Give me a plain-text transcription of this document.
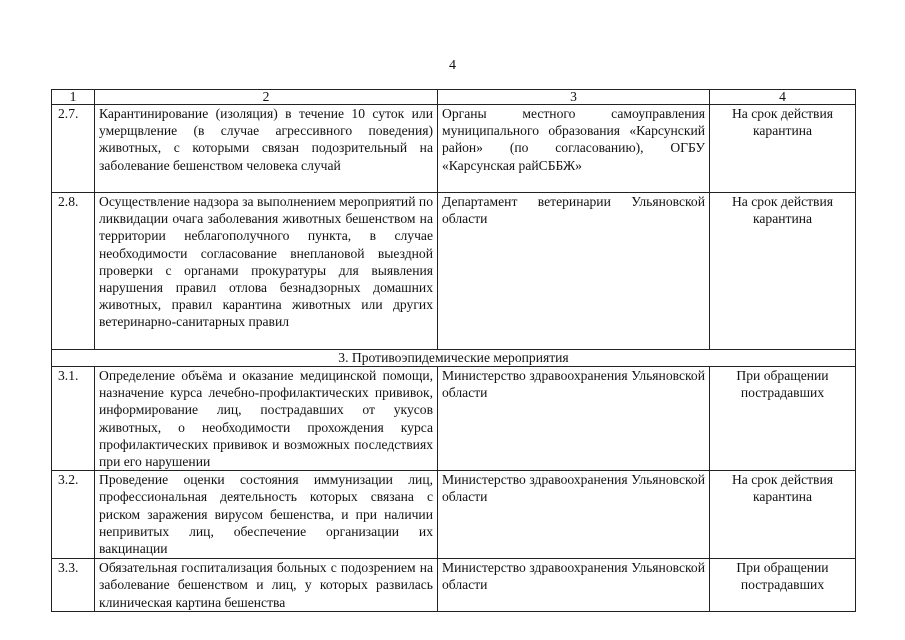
4
1	2	3	4
2.7.	Карантинирование (изоляция) в течение 10 суток или умерщвление (в случае агрессивного поведения) животных, с которыми связан подозрительный на заболевание бешенством человека случай	Органы местного самоуправления муниципального образования «Карсунский район» (по согласованию), ОГБУ «Карсунская райСББЖ»	На срок действия карантина
2.8.	Осуществление надзора за выполнением мероприятий по ликвидации очага заболевания животных бешенством на территории неблагополучного пункта, в случае необходимости согласование внеплановой выездной проверки с органами прокуратуры для выявления нарушения правил отлова безнадзорных домашних животных, правил карантина животных или других ветеринарно-санитарных правил	Департамент ветеринарии Ульяновской области	На срок действия карантина
3. Противоэпидемические мероприятия			
3.1.	Определение объёма и оказание медицинской помощи, назначение курса лечебно-профилактических прививок, информирование лиц, пострадавших от укусов животных, о необходимости прохождения курса профилактических прививок и возможных последствиях при его нарушении	Министерство здравоохранения Ульяновской области	При обращении пострадавших
3.2.	Проведение оценки состояния иммунизации лиц, профессиональная деятельность которых связана с риском заражения вирусом бешенства, и при наличии непривитых лиц, обеспечение организации их вакцинации	Министерство здравоохранения Ульяновской области	На срок действия карантина
3.3.	Обязательная госпитализация больных с подозрением на заболевание бешенством и лиц, у которых развилась клиническая картина бешенства	Министерство здравоохранения Ульяновской области	При обращении пострадавших
